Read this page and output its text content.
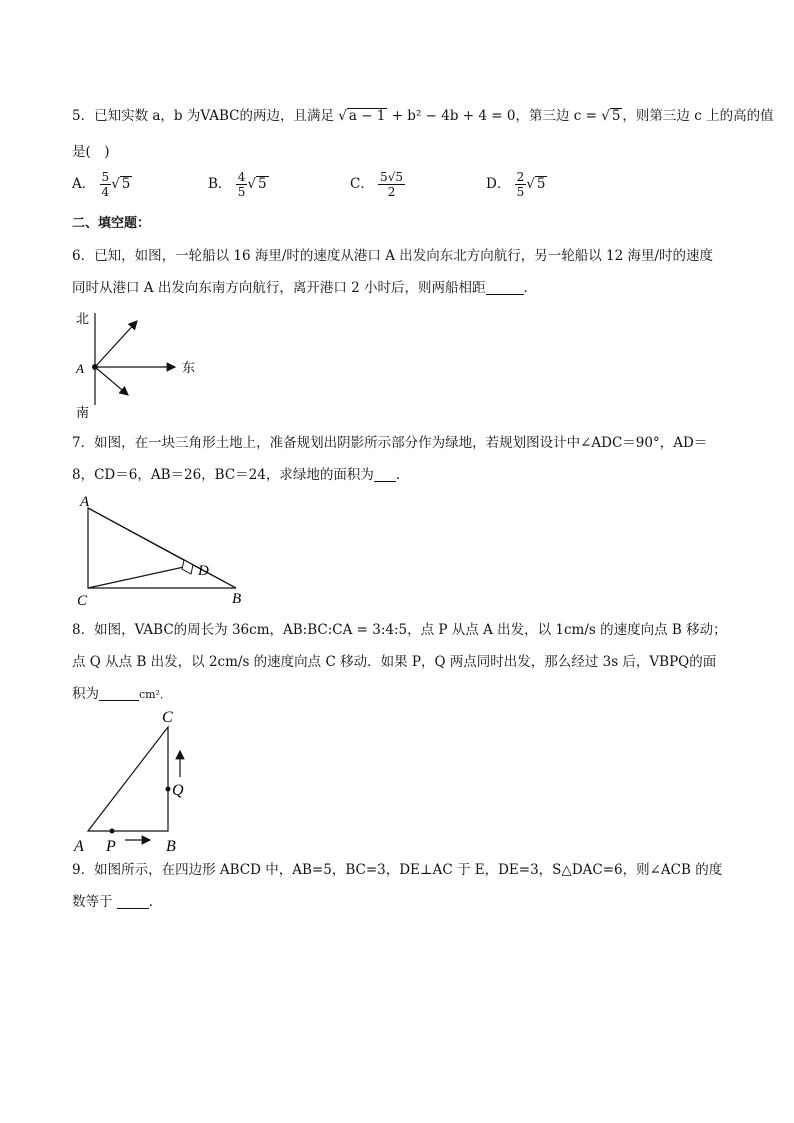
5．已知实数 a，b 为VABC的两边，且满足 √ a − 1 + b² − 4b + 4 = 0，第三边 c = √ 5 ，则第三边 c 上的高的值
是(　)
A． $\frac{5}{4}$ √ 5	B． $\frac{4}{5}$ √ 5	C． $\frac{5√5}{2}$	D． $\frac{2}{5}$ √ 5
二、填空题：
6．已知，如图，一轮船以 16 海里/时的速度从港口 A 出发向东北方向航行，另一轮船以 12 海里/时的速度
同时从港口 A 出发向东南方向航行，离开港口 2 小时后，则两船相距	．
北
南
东
A
7．如图，在一块三角形土地上，准备规划出阴影所示部分作为绿地，若规划图设计中∠ADC＝90°，AD＝
8，CD＝6，AB＝26，BC＝24，求绿地的面积为 ．
A
D
C	B
8．如图，VABC的周长为 36cm，AB:BC:CA = 3:4:5，点 P 从点 A 出发，以 1cm/s 的速度向点 B 移动；
点 Q 从点 B 出发，以 2cm/s 的速度向点 C 移动．如果 P，Q 两点同时出发，那么经过 3s 后，VBPQ的面
积为	cm²．
C
Q
A P	B
9．如图所示，在四边形 ABCD 中，AB=5，BC=3，DE⊥AC 于 E，DE=3，S△DAC=6，则∠ACB 的度
数等于	．
